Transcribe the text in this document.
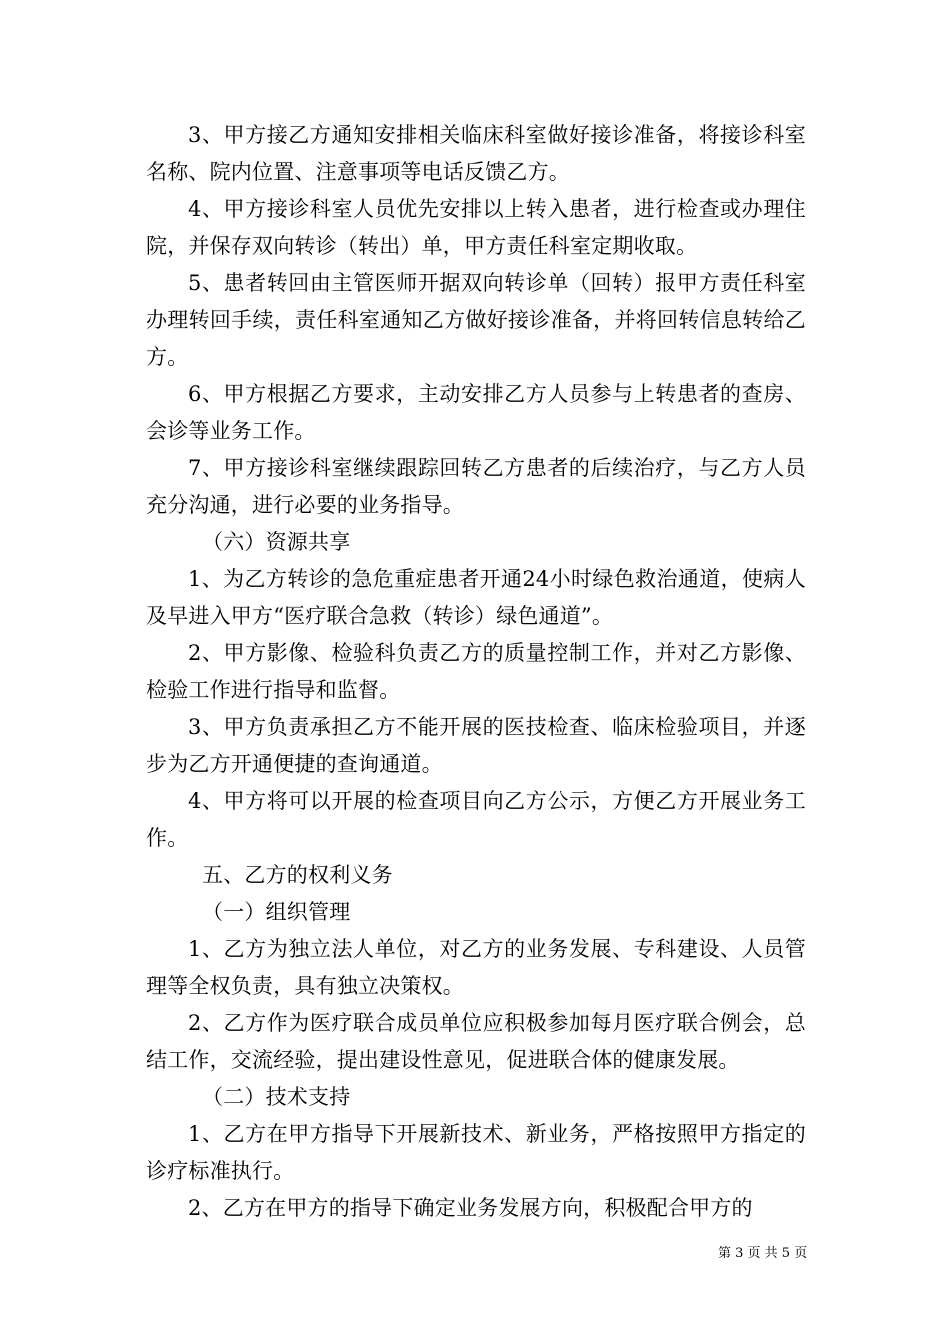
3、甲方接乙方通知安排相关临床科室做好接诊准备，将接诊科室名称、院内位置、注意事项等电话反馈乙方。

4、甲方接诊科室人员优先安排以上转入患者，进行检查或办理住院，并保存双向转诊（转出）单，甲方责任科室定期收取。

5、患者转回由主管医师开据双向转诊单（回转）报甲方责任科室办理转回手续，责任科室通知乙方做好接诊准备，并将回转信息转给乙方。

6、甲方根据乙方要求，主动安排乙方人员参与上转患者的查房、会诊等业务工作。

7、甲方接诊科室继续跟踪回转乙方患者的后续治疗，与乙方人员充分沟通，进行必要的业务指导。

（六）资源共享

1、为乙方转诊的急危重症患者开通24小时绿色救治通道，使病人及早进入甲方“医疗联合急救（转诊）绿色通道”。

2、甲方影像、检验科负责乙方的质量控制工作，并对乙方影像、检验工作进行指导和监督。

3、甲方负责承担乙方不能开展的医技检查、临床检验项目，并逐步为乙方开通便捷的查询通道。

4、甲方将可以开展的检查项目向乙方公示，方便乙方开展业务工作。

五、乙方的权利义务

（一）组织管理

1、乙方为独立法人单位，对乙方的业务发展、专科建设、人员管理等全权负责，具有独立决策权。

2、乙方作为医疗联合成员单位应积极参加每月医疗联合例会，总结工作，交流经验，提出建设性意见，促进联合体的健康发展。

（二）技术支持

1、乙方在甲方指导下开展新技术、新业务，严格按照甲方指定的诊疗标准执行。

2、乙方在甲方的指导下确定业务发展方向，积极配合甲方的

第 3 页 共 5 页
